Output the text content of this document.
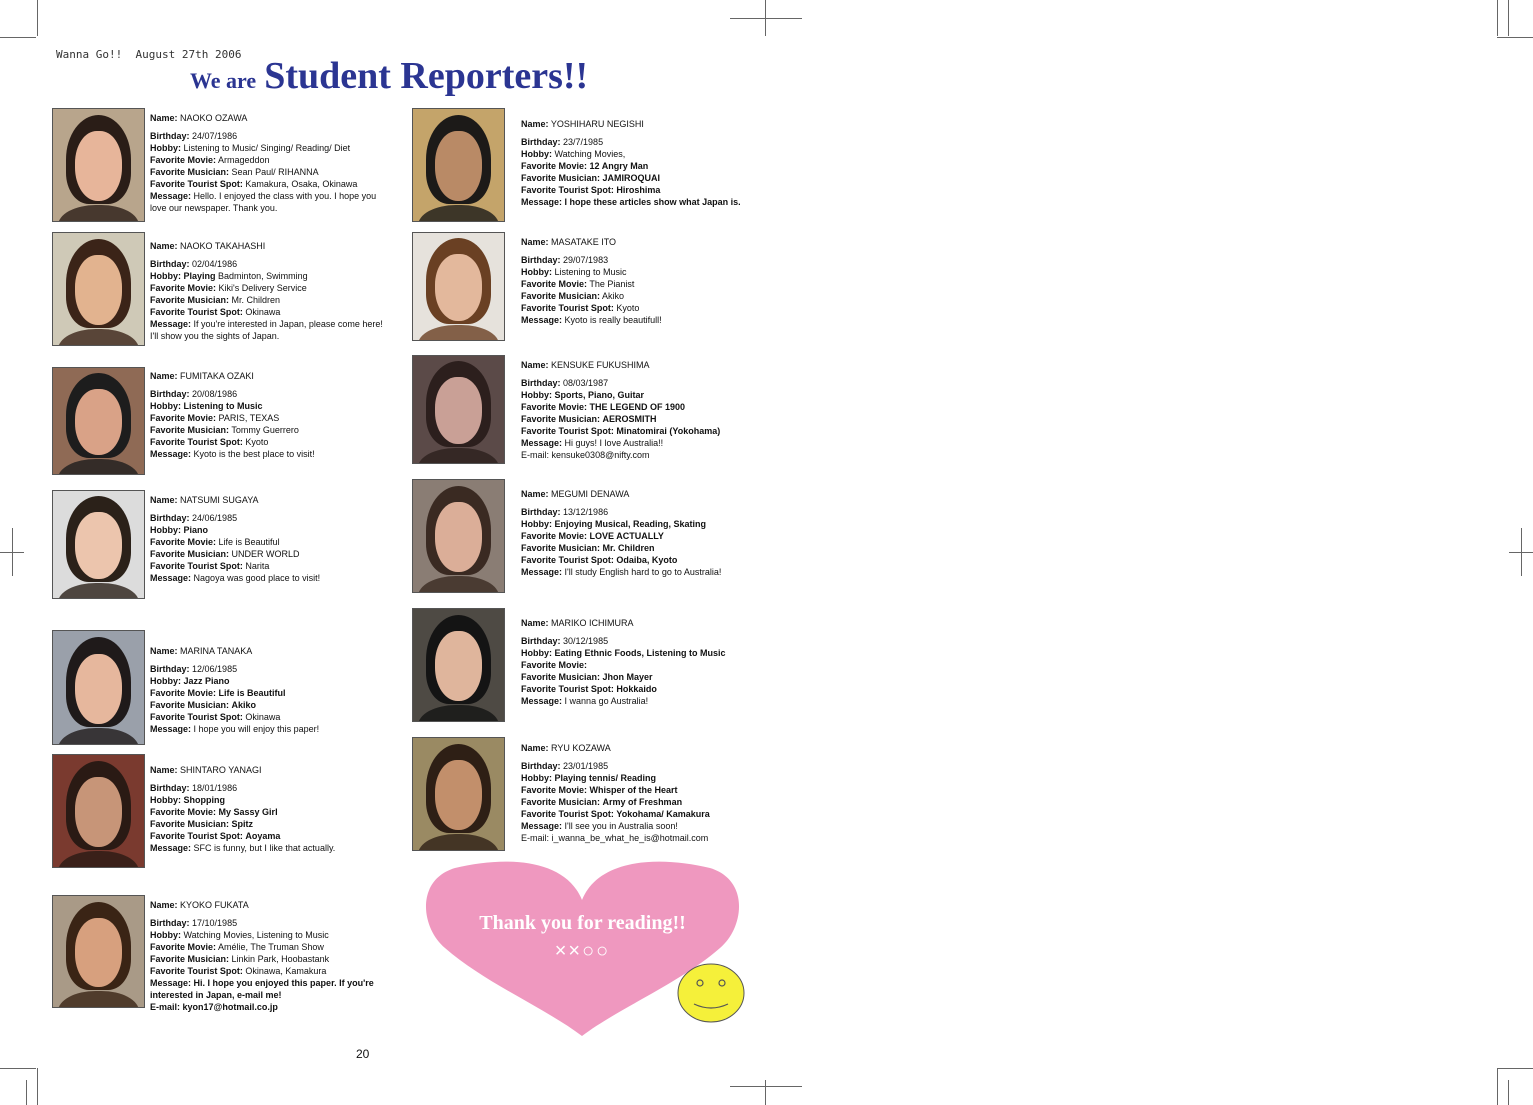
Wanna Go!! August 27th 2006
We are Student Reporters!!
Name: NAOKO OZAWA
Birthday: 24/07/1986
Hobby: Listening to Music/ Singing/ Reading/ Diet
Favorite Movie: Armageddon
Favorite Musician: Sean Paul/ RIHANNA
Favorite Tourist Spot: Kamakura, Osaka, Okinawa
Message: Hello. I enjoyed the class with you. I hope you love our newspaper. Thank you.
Name: NAOKO TAKAHASHI
Birthday: 02/04/1986
Hobby: Playing Badminton, Swimming
Favorite Movie: Kiki's Delivery Service
Favorite Musician: Mr. Children
Favorite Tourist Spot: Okinawa
Message: If you're interested in Japan, please come here! I'll show you the sights of Japan.
Name: FUMITAKA OZAKI
Birthday: 20/08/1986
Hobby: Listening to Music
Favorite Movie: PARIS, TEXAS
Favorite Musician: Tommy Guerrero
Favorite Tourist Spot: Kyoto
Message: Kyoto is the best place to visit!
Name: NATSUMI SUGAYA
Birthday: 24/06/1985
Hobby: Piano
Favorite Movie: Life is Beautiful
Favorite Musician: UNDER WORLD
Favorite Tourist Spot: Narita
Message: Nagoya was good place to visit!
Name: MARINA TANAKA
Birthday: 12/06/1985
Hobby: Jazz Piano
Favorite Movie: Life is Beautiful
Favorite Musician: Akiko
Favorite Tourist Spot: Okinawa
Message: I hope you will enjoy this paper!
Name: SHINTARO YANAGI
Birthday: 18/01/1986
Hobby: Shopping
Favorite Movie: My Sassy Girl
Favorite Musician: Spitz
Favorite Tourist Spot: Aoyama
Message: SFC is funny, but I like that actually.
Name: KYOKO FUKATA
Birthday: 17/10/1985
Hobby: Watching Movies, Listening to Music
Favorite Movie: Amélie, The Truman Show
Favorite Musician: Linkin Park, Hoobastank
Favorite Tourist Spot: Okinawa, Kamakura
Message: Hi. I hope you enjoyed this paper. If you're interested in Japan, e-mail me!
E-mail: kyon17@hotmail.co.jp
Name: YOSHIHARU NEGISHI
Birthday: 23/7/1985
Hobby: Watching Movies,
Favorite Movie: 12 Angry Man
Favorite Musician: JAMIROQUAI
Favorite Tourist Spot: Hiroshima
Message: I hope these articles show what Japan is.
Name: MASATAKE ITO
Birthday: 29/07/1983
Hobby: Listening to Music
Favorite Movie: The Pianist
Favorite Musician: Akiko
Favorite Tourist Spot: Kyoto
Message: Kyoto is really beautifull!
Name: KENSUKE FUKUSHIMA
Birthday: 08/03/1987
Hobby: Sports, Piano, Guitar
Favorite Movie: THE LEGEND OF 1900
Favorite Musician: AEROSMITH
Favorite Tourist Spot: Minatomirai (Yokohama)
Message: Hi guys! I love Australia!!
E-mail: kensuke0308@nifty.com
Name: MEGUMI DENAWA
Birthday: 13/12/1986
Hobby: Enjoying Musical, Reading, Skating
Favorite Movie: LOVE ACTUALLY
Favorite Musician: Mr. Children
Favorite Tourist Spot: Odaiba, Kyoto
Message: I'll study English hard to go to Australia!
Name: MARIKO ICHIMURA
Birthday: 30/12/1985
Hobby: Eating Ethnic Foods, Listening to Music
Favorite Movie:
Favorite Musician: Jhon Mayer
Favorite Tourist Spot: Hokkaido
Message: I wanna go Australia!
Name: RYU KOZAWA
Birthday: 23/01/1985
Hobby: Playing tennis/ Reading
Favorite Movie: Whisper of the Heart
Favorite Musician: Army of Freshman
Favorite Tourist Spot: Yokohama/ Kamakura
Message: I'll see you in Australia soon!
E-mail: i_wanna_be_what_he_is@hotmail.com
Thank you for reading!!
××○○
20
